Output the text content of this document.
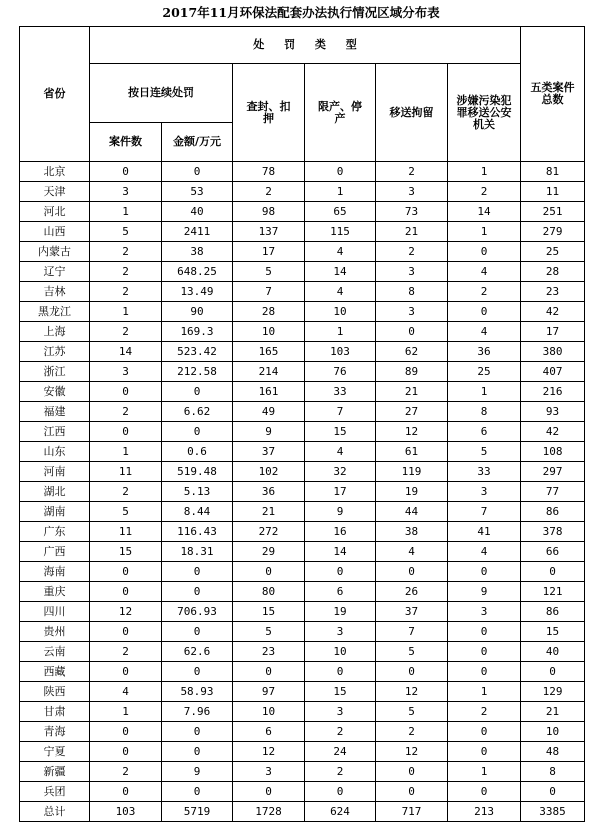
2017年11月环保法配套办法执行情况区域分布表
省份	处 罚 类 型						五类案件总数
	按日连续处罚		查封、扣押	限产、停产	移送拘留	涉嫌污染犯罪移送公安机关	
	案件数	金额/万元					
北京	0	0	78	0	2	1	81
天津	3	53	2	1	3	2	11
河北	1	40	98	65	73	14	251
山西	5	2411	137	115	21	1	279
内蒙古	2	38	17	4	2	0	25
辽宁	2	648.25	5	14	3	4	28
吉林	2	13.49	7	4	8	2	23
黑龙江	1	90	28	10	3	0	42
上海	2	169.3	10	1	0	4	17
江苏	14	523.42	165	103	62	36	380
浙江	3	212.58	214	76	89	25	407
安徽	0	0	161	33	21	1	216
福建	2	6.62	49	7	27	8	93
江西	0	0	9	15	12	6	42
山东	1	0.6	37	4	61	5	108
河南	11	519.48	102	32	119	33	297
湖北	2	5.13	36	17	19	3	77
湖南	5	8.44	21	9	44	7	86
广东	11	116.43	272	16	38	41	378
广西	15	18.31	29	14	4	4	66
海南	0	0	0	0	0	0	0
重庆	0	0	80	6	26	9	121
四川	12	706.93	15	19	37	3	86
贵州	0	0	5	3	7	0	15
云南	2	62.6	23	10	5	0	40
西藏	0	0	0	0	0	0	0
陕西	4	58.93	97	15	12	1	129
甘肃	1	7.96	10	3	5	2	21
青海	0	0	6	2	2	0	10
宁夏	0	0	12	24	12	0	48
新疆	2	9	3	2	0	1	8
兵团	0	0	0	0	0	0	0
总计	103	5719	1728	624	717	213	3385
